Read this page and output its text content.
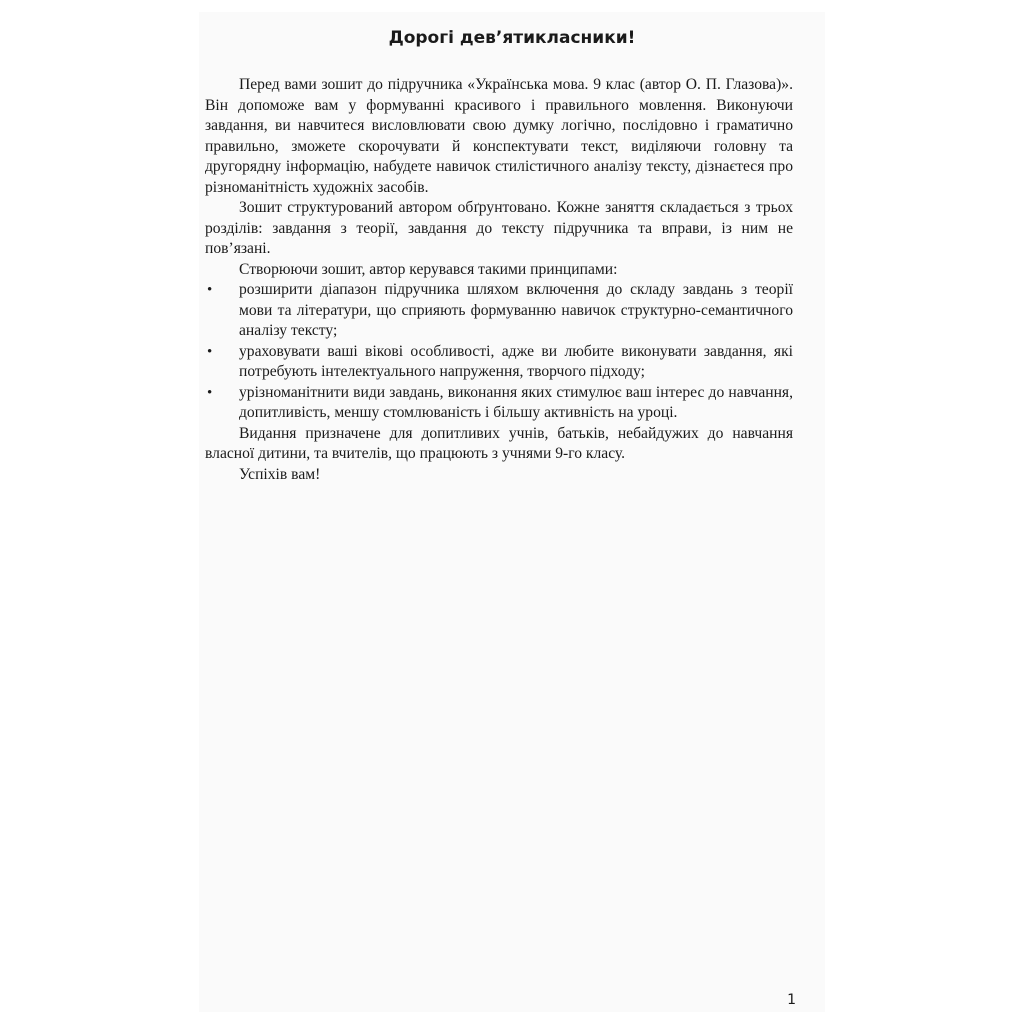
Дорогі дев’ятикласники!

Перед вами зошит до підручника «Українська мова. 9 клас (автор О. П. Глазова)». Він допоможе вам у формуванні красивого і правильного мовлення. Виконуючи завдання, ви навчитеся висловлювати свою думку логічно, послідовно і граматично правильно, зможете скорочувати й конспектувати текст, виділяючи головну та другорядну інформацію, набудете навичок стилістичного аналізу тексту, дізнаєтеся про різноманітність художніх засобів.

Зошит структурований автором обґрунтовано. Кожне заняття складається з трьох розділів: завдання з теорії, завдання до тексту підручника та вправи, із ним не пов’язані.

Створюючи зошит, автор керувався такими принципами:

• розширити діапазон підручника шляхом включення до складу завдань з теорії мови та літератури, що сприяють формуванню навичок структурно-семантичного аналізу тексту;
• ураховувати ваші вікові особливості, адже ви любите виконувати завдання, які потребують інтелектуального напруження, творчого підходу;
• урізноманітнити види завдань, виконання яких стимулює ваш інтерес до навчання, допитливість, меншу стомлюваність і більшу активність на уроці.

Видання призначене для допитливих учнів, батьків, небайдужих до навчання власної дитини, та вчителів, що працюють з учнями 9-го класу.

Успіхів вам!

1
